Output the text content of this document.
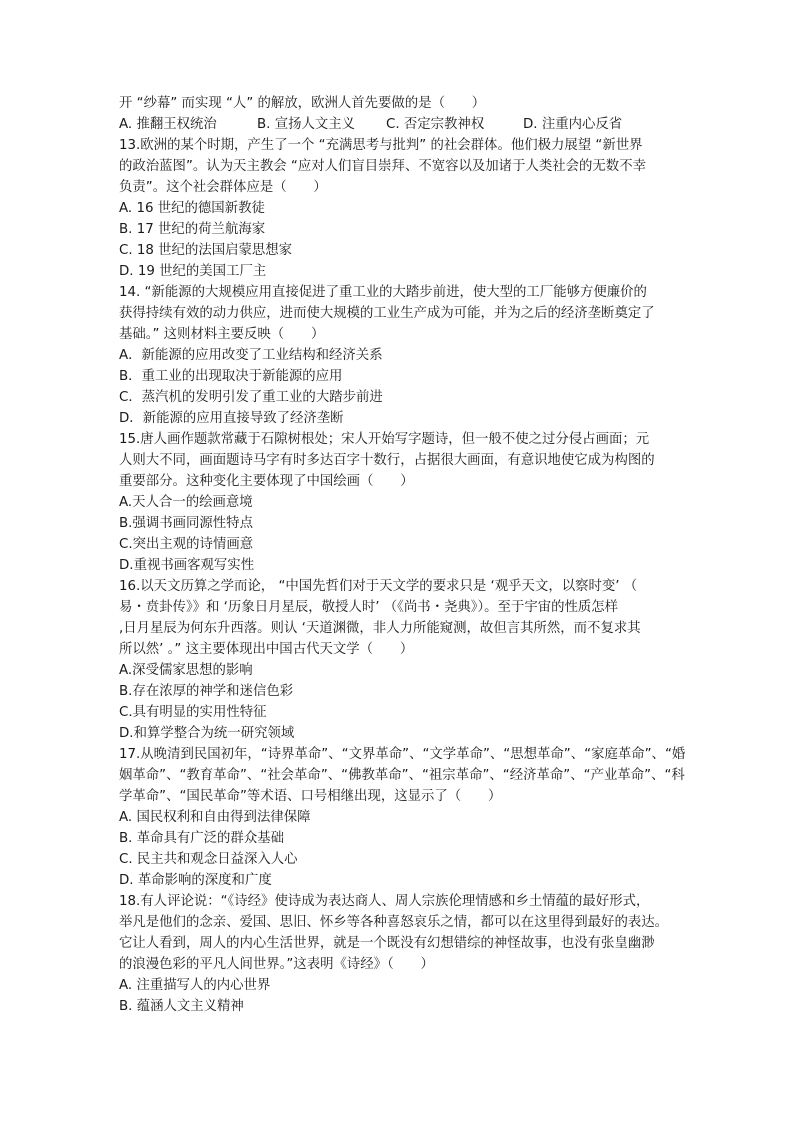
开 “纱幕” 而实现 “人” 的解放，欧洲人首先要做的是（　　）
A. 推翻王权统治	B. 宣扬人文主义	C. 否定宗教神权	D. 注重内心反省
13.欧洲的某个时期，产生了一个 “充满思考与批判” 的社会群体。他们极力展望 “新世界
的政治蓝图”。认为天主教会 “应对人们盲目崇拜、不宽容以及加诸于人类社会的无数不幸
负责”。这个社会群体应是（　　）
A. 16 世纪的德国新教徒
B. 17 世纪的荷兰航海家
C. 18 世纪的法国启蒙思想家
D. 19 世纪的美国工厂主
14. “新能源的大规模应用直接促进了重工业的大踏步前进，使大型的工厂能够方便廉价的
获得持续有效的动力供应，进而使大规模的工业生产成为可能，并为之后的经济垄断奠定了
基础。” 这则材料主要反映（　　）
A．新能源的应用改变了工业结构和经济关系
B．重工业的出现取决于新能源的应用
C．蒸汽机的发明引发了重工业的大踏步前进
D．新能源的应用直接导致了经济垄断
15.唐人画作题款常藏于石隙树根处；宋人开始写字题诗，但一般不使之过分侵占画面；元
人则大不同，画面题诗马字有时多达百字十数行，占据很大画面，有意识地使它成为构图的
重要部分。这种变化主要体现了中国绘画（　　）
A.天人合一的绘画意境
B.强调书画同源性特点
C.突出主观的诗情画意
D.重视书画客观写实性
16.以天文历算之学而论， “中国先哲们对于天文学的要求只是 ‘观乎天文，以察时变’ （
易・贲卦传》》和 ‘历象日月星辰，敬授人时’ （《尚书・尧典》）。至于宇宙的性质怎样
,日月星辰为何东升西落。则认 ‘天道渊微，非人力所能窥测，故但言其所然，而不复求其
所以然’ 。” 这主要体现出中国古代天文学（　　）
A.深受儒家思想的影响
B.存在浓厚的神学和迷信色彩
C.具有明显的实用性特征
D.和算学整合为统一研究领域
17.从晚清到民国初年，“诗界革命”、“文界革命”、“文学革命”、“思想革命”、“家庭革命”、“婚
姻革命”、“教育革命”、“社会革命”、“佛教革命”、“祖宗革命”、“经济革命”、“产业革命”、“科
学革命”、“国民革命”等术语、口号相继出现，这显示了（　　）
A. 国民权利和自由得到法律保障
B. 革命具有广泛的群众基础
C. 民主共和观念日益深入人心
D. 革命影响的深度和广度
18.有人评论说：“《诗经》使诗成为表达商人、周人宗族伦理情感和乡土情蕴的最好形式，
举凡是他们的念亲、爱国、思旧、怀乡等各种喜怒哀乐之情，都可以在这里得到最好的表达。
它让人看到，周人的内心生活世界，就是一个既没有幻想错综的神怪故事，也没有张皇幽渺
的浪漫色彩的平凡人间世界。”这表明《诗经》（　　）
A. 注重描写人的内心世界
B. 蕴涵人文主义精神
